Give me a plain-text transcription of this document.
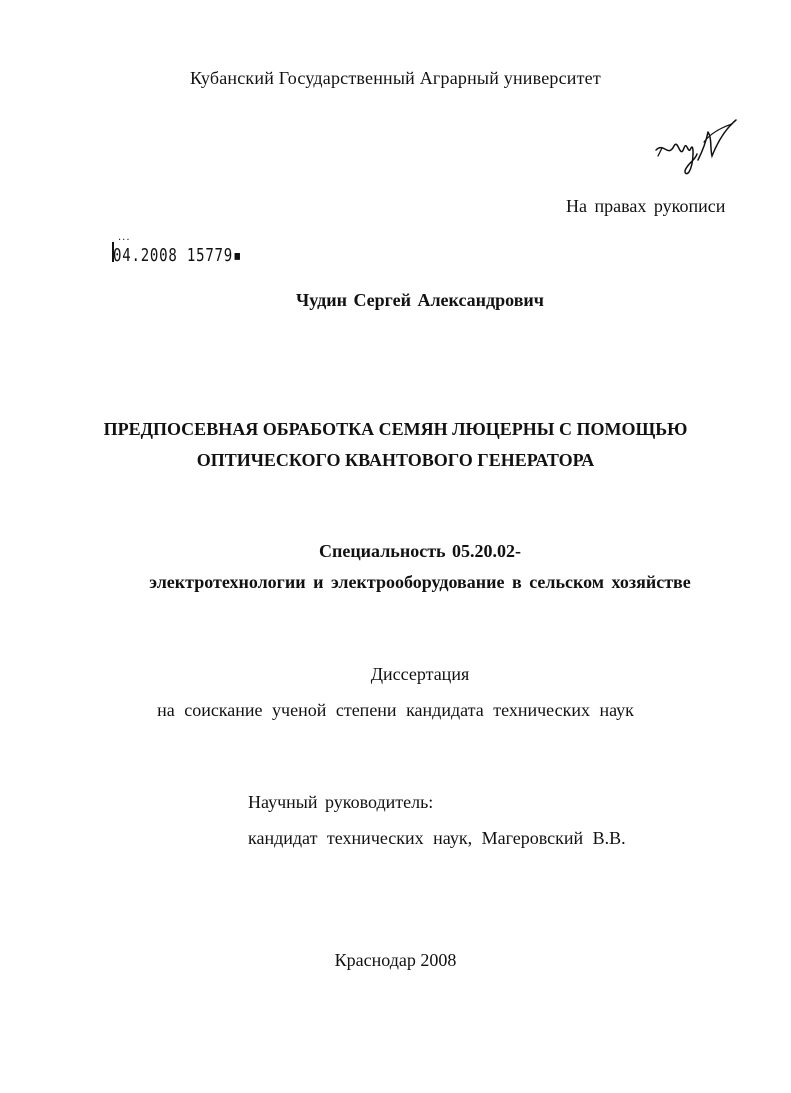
Кубанский Государственный Аграрный университет
На правах рукописи
···
04.2008 15779▪
Чудин Сергей Александрович
ПРЕДПОСЕВНАЯ ОБРАБОТКА СЕМЯН ЛЮЦЕРНЫ С ПОМОЩЬЮ
ОПТИЧЕСКОГО КВАНТОВОГО ГЕНЕРАТОРА
Специальность 05.20.02-
электротехнологии и электрооборудование в сельском хозяйстве
Диссертация
на соискание ученой степени кандидата технических наук
Научный руководитель:
кандидат технических наук, Магеровский В.В.
Краснодар 2008
